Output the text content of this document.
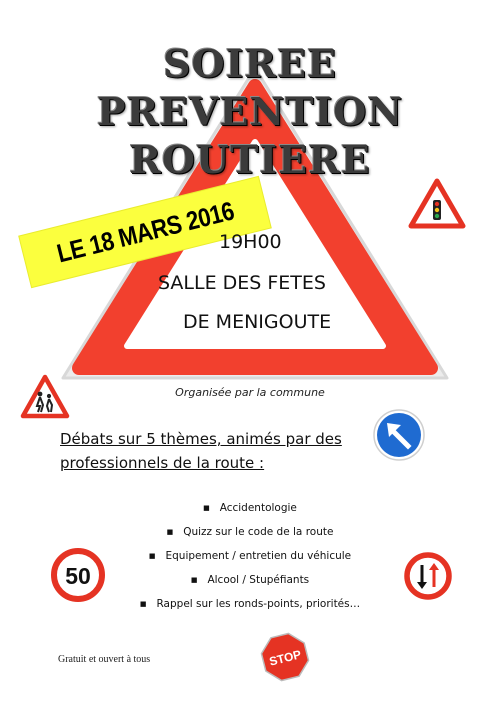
SOIREE
PREVENTION
ROUTIERE
LE 18 MARS 2016
19H00
SALLE DES FETES
DE MENIGOUTE
Organisée par la commune
Débats sur 5 thèmes, animés par des professionnels de la route :
■ Accidentologie
■ Quizz sur le code de la route
■ Equipement / entretien du véhicule
■ Alcool / Stupéfiants
■ Rappel sur les ronds-points, priorités…
50
STOP
Gratuit et ouvert à tous
